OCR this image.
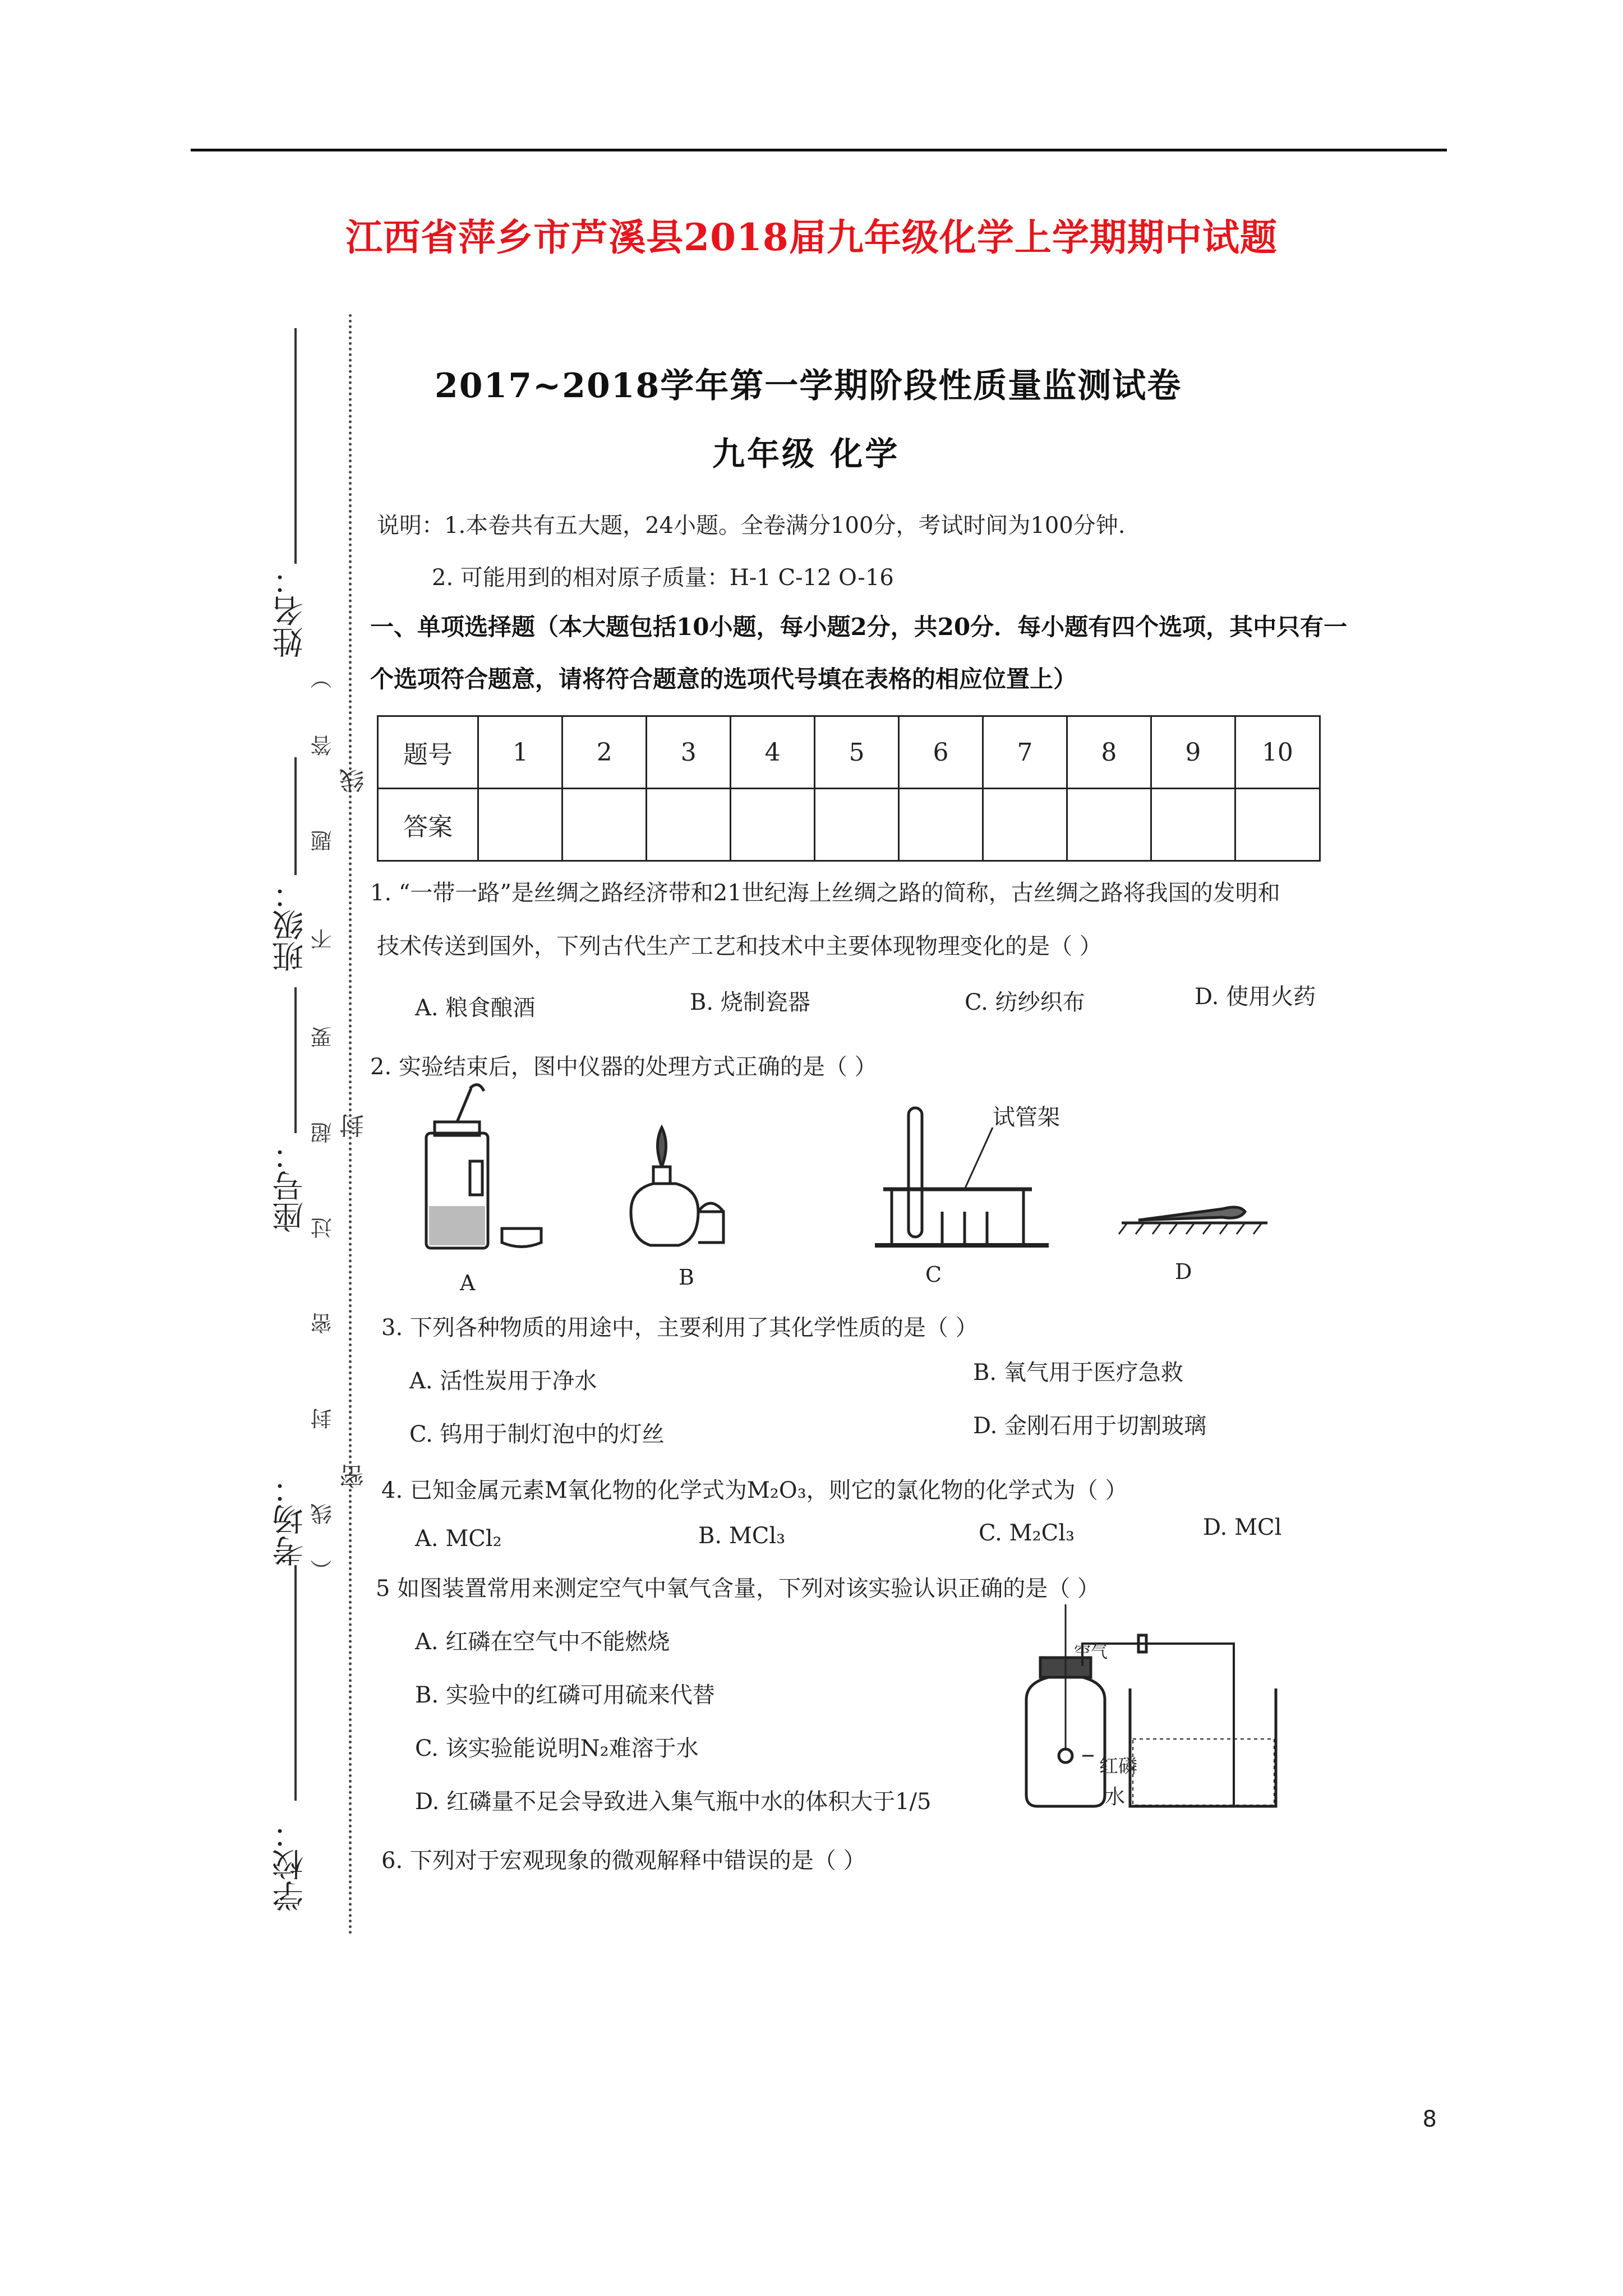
江西省萍乡市芦溪县2018届九年级化学上学期期中试题
姓名：
班级：
座号：
考场：
学校：
）
（
答
题
不
要
超
过
密
封
线
线
封
密
2017~2018学年第一学期阶段性质量监测试卷
九年级 化学
说明：1.本卷共有五大题，24小题。全卷满分100分，考试时间为100分钟.
2. 可能用到的相对原子质量：H-1 C-12 O-16
一、单项选择题（本大题包括10小题，每小题2分，共20分．每小题有四个选项，其中只有一
个选项符合题意，请将符合题意的选项代号填在表格的相应位置上）
题号	1	2	3	4	5	6	7	8	9	10
答案										
1. “一带一路”是丝绸之路经济带和21世纪海上丝绸之路的简称，古丝绸之路将我国的发明和
技术传送到国外，下列古代生产工艺和技术中主要体现物理变化的是（ ）
A. 粮食酿酒	B. 烧制瓷器	C. 纺纱织布	D. 使用火药
2. 实验结束后，图中仪器的处理方式正确的是（ ）
试管架
A	B	C	D
3. 下列各种物质的用途中，主要利用了其化学性质的是（ ）
A. 活性炭用于净水	B. 氧气用于医疗急救
C. 钨用于制灯泡中的灯丝	D. 金刚石用于切割玻璃
4. 已知金属元素M氧化物的化学式为M₂O₃，则它的氯化物的化学式为（ ）
A. MCl₂	B. MCl₃	C. M₂Cl₃	D. MCl
5 如图装置常用来测定空气中氧气含量，下列对该实验认识正确的是（ ）
A. 红磷在空气中不能燃烧
B. 实验中的红磷可用硫来代替
C. 该实验能说明N₂难溶于水
D. 红磷量不足会导致进入集气瓶中水的体积大于1/5
空气
红磷
水
6. 下列对于宏观现象的微观解释中错误的是（ ）
8
